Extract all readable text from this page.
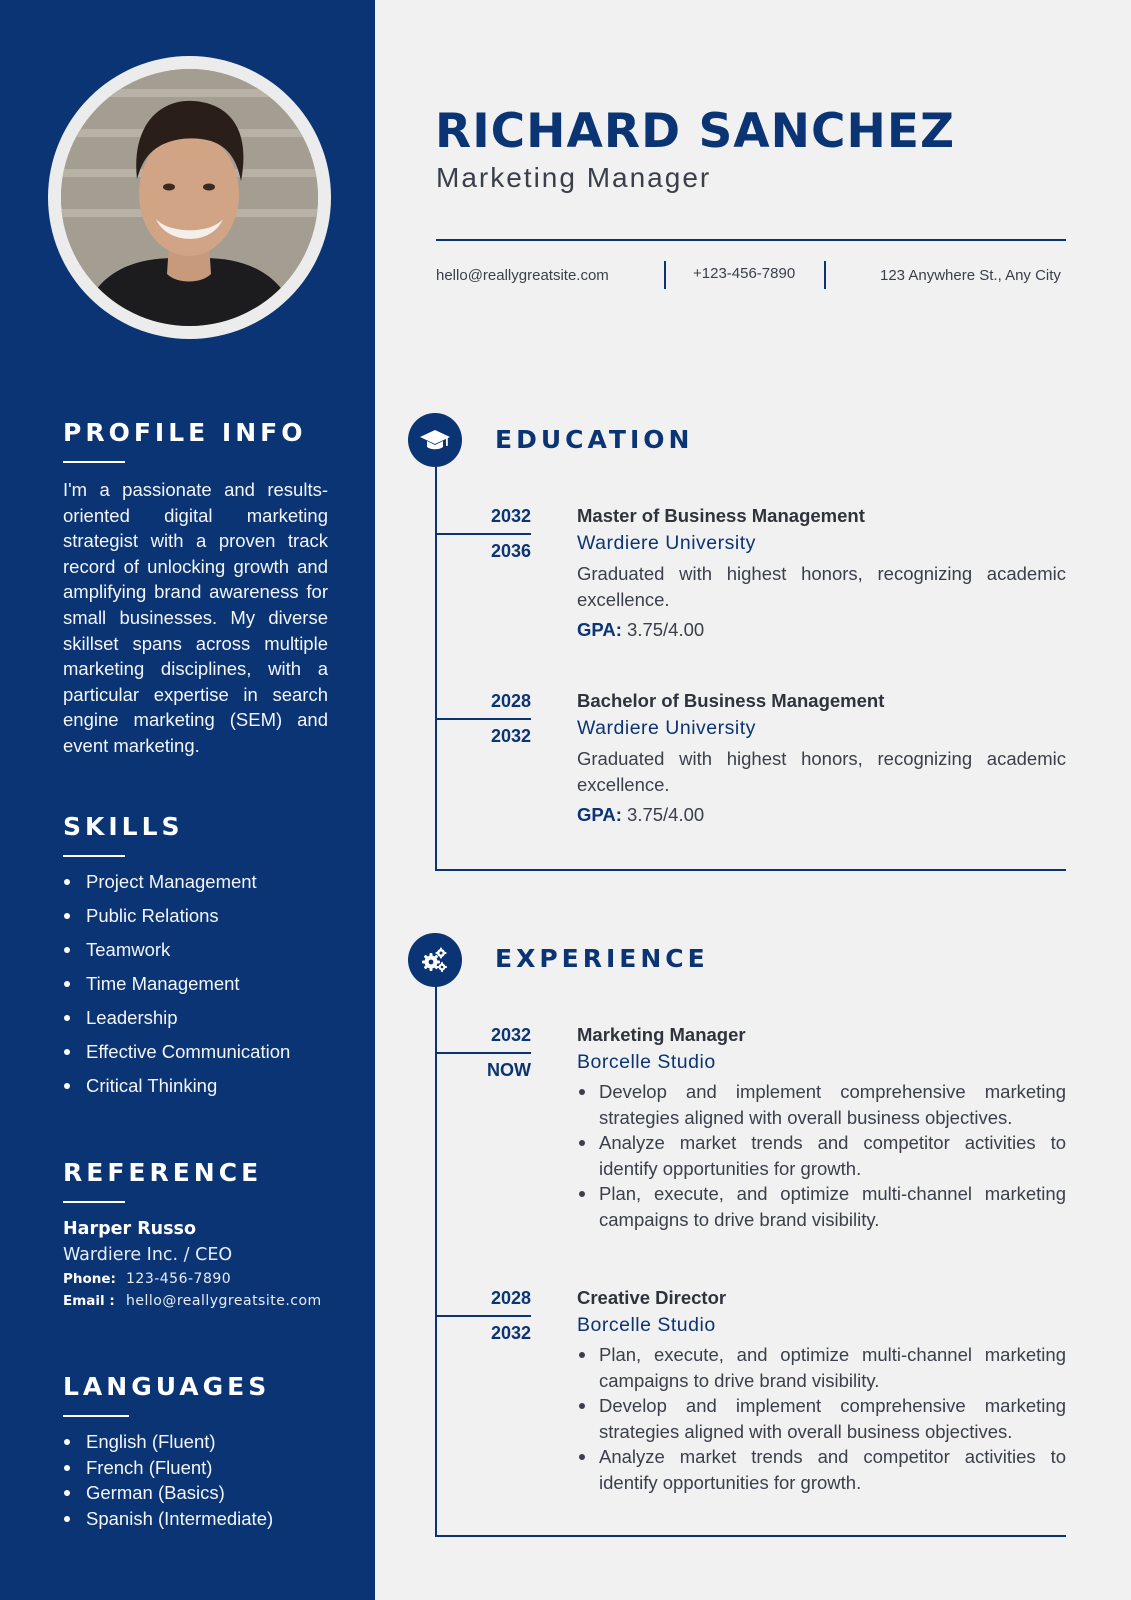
PROFILE INFO

I'm a passionate and results-oriented digital marketing strategist with a proven track record of unlocking growth and amplifying brand awareness for small businesses. My diverse skillset spans across multiple marketing disciplines, with a particular expertise in search engine marketing (SEM) and event marketing.

SKILLS
Project Management
Public Relations
Teamwork
Time Management
Leadership
Effective Communication
Critical Thinking
REFERENCE
Harper Russo
Wardiere Inc. / CEO
Phone: 123-456-7890
Email : hello@reallygreatsite.com
LANGUAGES
English (Fluent)
French (Fluent)
German (Basics)
Spanish (Intermediate)
RICHARD SANCHEZ
Marketing Manager
hello@reallygreatsite.com	+123-456-7890	123 Anywhere St., Any City
EDUCATION
2032
2036
Master of Business Management
Wardiere University
Graduated with highest honors, recognizing academic excellence.
GPA: 3.75/4.00
2028
2032
Bachelor of Business Management
Wardiere University
Graduated with highest honors, recognizing academic excellence.
GPA: 3.75/4.00
EXPERIENCE
2032
NOW
Marketing Manager
Borcelle Studio
Develop and implement comprehensive marketing strategies aligned with overall business objectives.
Analyze market trends and competitor activities to identify opportunities for growth.
Plan, execute, and optimize multi-channel marketing campaigns to drive brand visibility.
2028
2032
Creative Director
Borcelle Studio
Plan, execute, and optimize multi-channel marketing campaigns to drive brand visibility.
Develop and implement comprehensive marketing strategies aligned with overall business objectives.
Analyze market trends and competitor activities to identify opportunities for growth.
